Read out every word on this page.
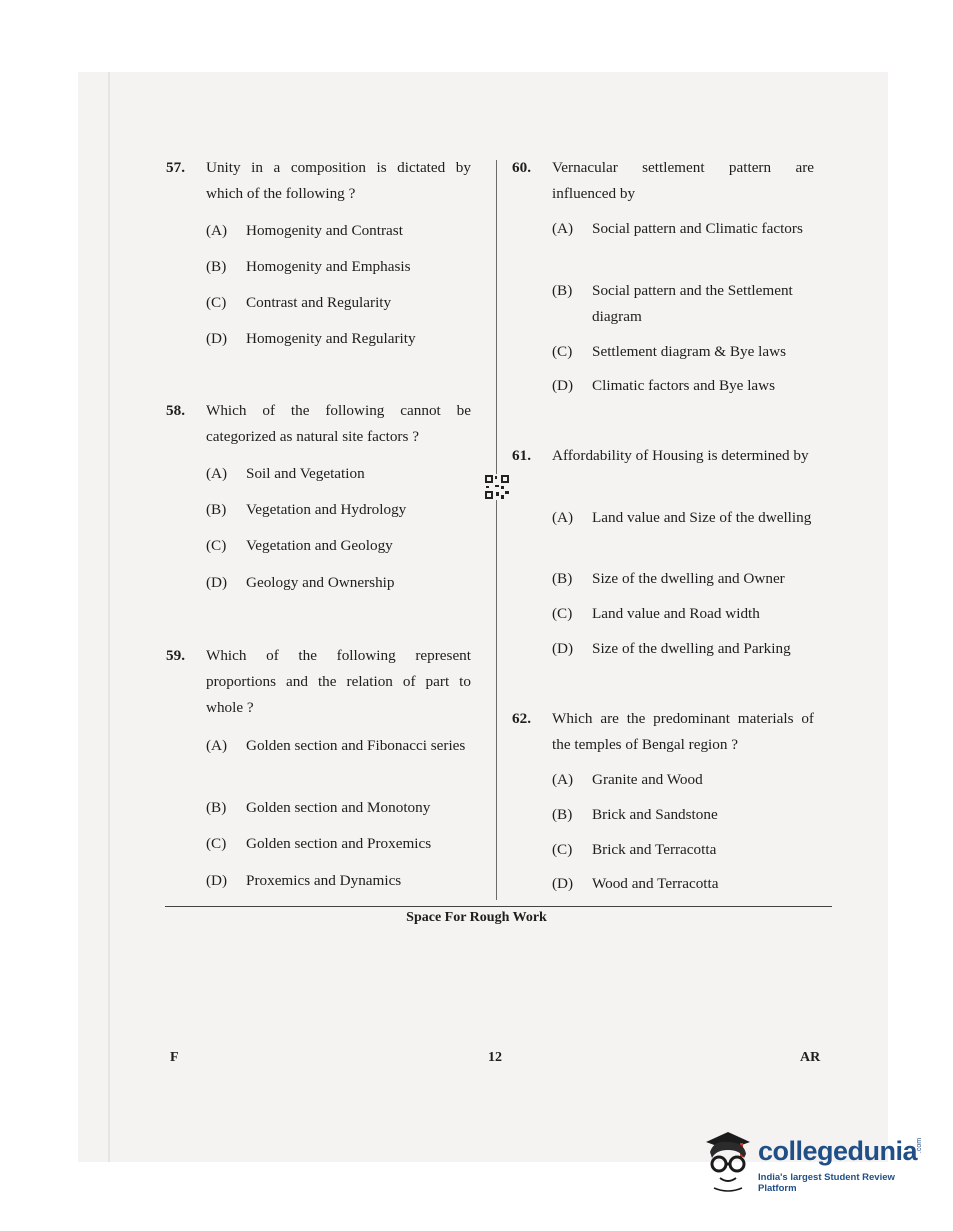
57. Unity in a composition is dictated by which of the following ?
(A) Homogenity and Contrast
(B) Homogenity and Emphasis
(C) Contrast and Regularity
(D) Homogenity and Regularity
58. Which of the following cannot be categorized as natural site factors ?
(A) Soil and Vegetation
(B) Vegetation and Hydrology
(C) Vegetation and Geology
(D) Geology and Ownership
59. Which of the following represent proportions and the relation of part to whole ?
(A) Golden section and Fibonacci series
(B) Golden section and Monotony
(C) Golden section and Proxemics
(D) Proxemics and Dynamics
60. Vernacular settlement pattern are influenced by
(A) Social pattern and Climatic factors
(B) Social pattern and the Settlement diagram
(C) Settlement diagram & Bye laws
(D) Climatic factors and Bye laws
61. Affordability of Housing is determined by
(A) Land value and Size of the dwelling
(B) Size of the dwelling and Owner
(C) Land value and Road width
(D) Size of the dwelling and Parking
62. Which are the predominant materials of the temples of Bengal region ?
(A) Granite and Wood
(B) Brick and Sandstone
(C) Brick and Terracotta
(D) Wood and Terracotta
Space For Rough Work
F	12	AR
collegedunia .com
India's largest Student Review Platform
